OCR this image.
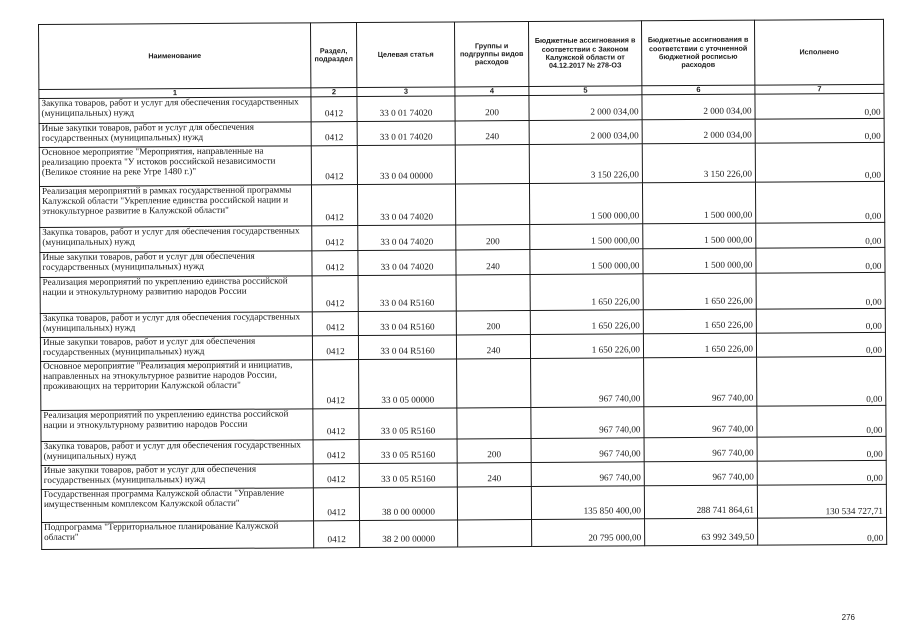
Наименование	Раздел, подраздел	Целевая статья	Группы и подгруппы видов расходов	Бюджетные ассигнования в соответствии с Законом Калужской области от 04.12.2017 № 278-ОЗ	Бюджетные ассигнования в соответствии с уточненной бюджетной росписью расходов	Исполнено
1	2	3	4	5	6	7

Закупка товаров, работ и услуг для обеспечения государственных (муниципальных) нужд	0412	33 0 01 74020	200	2 000 034,00	2 000 034,00	0,00

Иные закупки товаров, работ и услуг для обеспечения государственных (муниципальных) нужд	0412	33 0 01 74020	240	2 000 034,00	2 000 034,00	0,00

Основное мероприятие "Мероприятия, направленные на реализацию проекта "У истоков российской независимости (Великое стояние на реке Угре 1480 г.)"	0412	33 0 04 00000		3 150 226,00	3 150 226,00	0,00

Реализация мероприятий в рамках государственной программы Калужской области "Укрепление единства российской нации и этнокультурное развитие в Калужской области"	0412	33 0 04 74020		1 500 000,00	1 500 000,00	0,00

Закупка товаров, работ и услуг для обеспечения государственных (муниципальных) нужд	0412	33 0 04 74020	200	1 500 000,00	1 500 000,00	0,00

Иные закупки товаров, работ и услуг для обеспечения государственных (муниципальных) нужд	0412	33 0 04 74020	240	1 500 000,00	1 500 000,00	0,00

Реализация мероприятий по укреплению единства российской нации и этнокультурному развитию народов России	0412	33 0 04 R5160		1 650 226,00	1 650 226,00	0,00

Закупка товаров, работ и услуг для обеспечения государственных (муниципальных) нужд	0412	33 0 04 R5160	200	1 650 226,00	1 650 226,00	0,00

Иные закупки товаров, работ и услуг для обеспечения государственных (муниципальных) нужд	0412	33 0 04 R5160	240	1 650 226,00	1 650 226,00	0,00

Основное мероприятие "Реализация мероприятий и инициатив, направленных на этнокультурное развитие народов России, проживающих на территории Калужской области"	0412	33 0 05 00000		967 740,00	967 740,00	0,00

Реализация мероприятий по укреплению единства российской нации и этнокультурному развитию народов России	0412	33 0 05 R5160		967 740,00	967 740,00	0,00

Закупка товаров, работ и услуг для обеспечения государственных (муниципальных) нужд	0412	33 0 05 R5160	200	967 740,00	967 740,00	0,00

Иные закупки товаров, работ и услуг для обеспечения государственных (муниципальных) нужд	0412	33 0 05 R5160	240	967 740,00	967 740,00	0,00

Государственная программа Калужской области "Управление имущественным комплексом Калужской области"	0412	38 0 00 00000		135 850 400,00	288 741 864,61	130 534 727,71

Подпрограмма "Территориальное планирование Калужской области"	0412	38 2 00 00000		20 795 000,00	63 992 349,50	0,00
276
